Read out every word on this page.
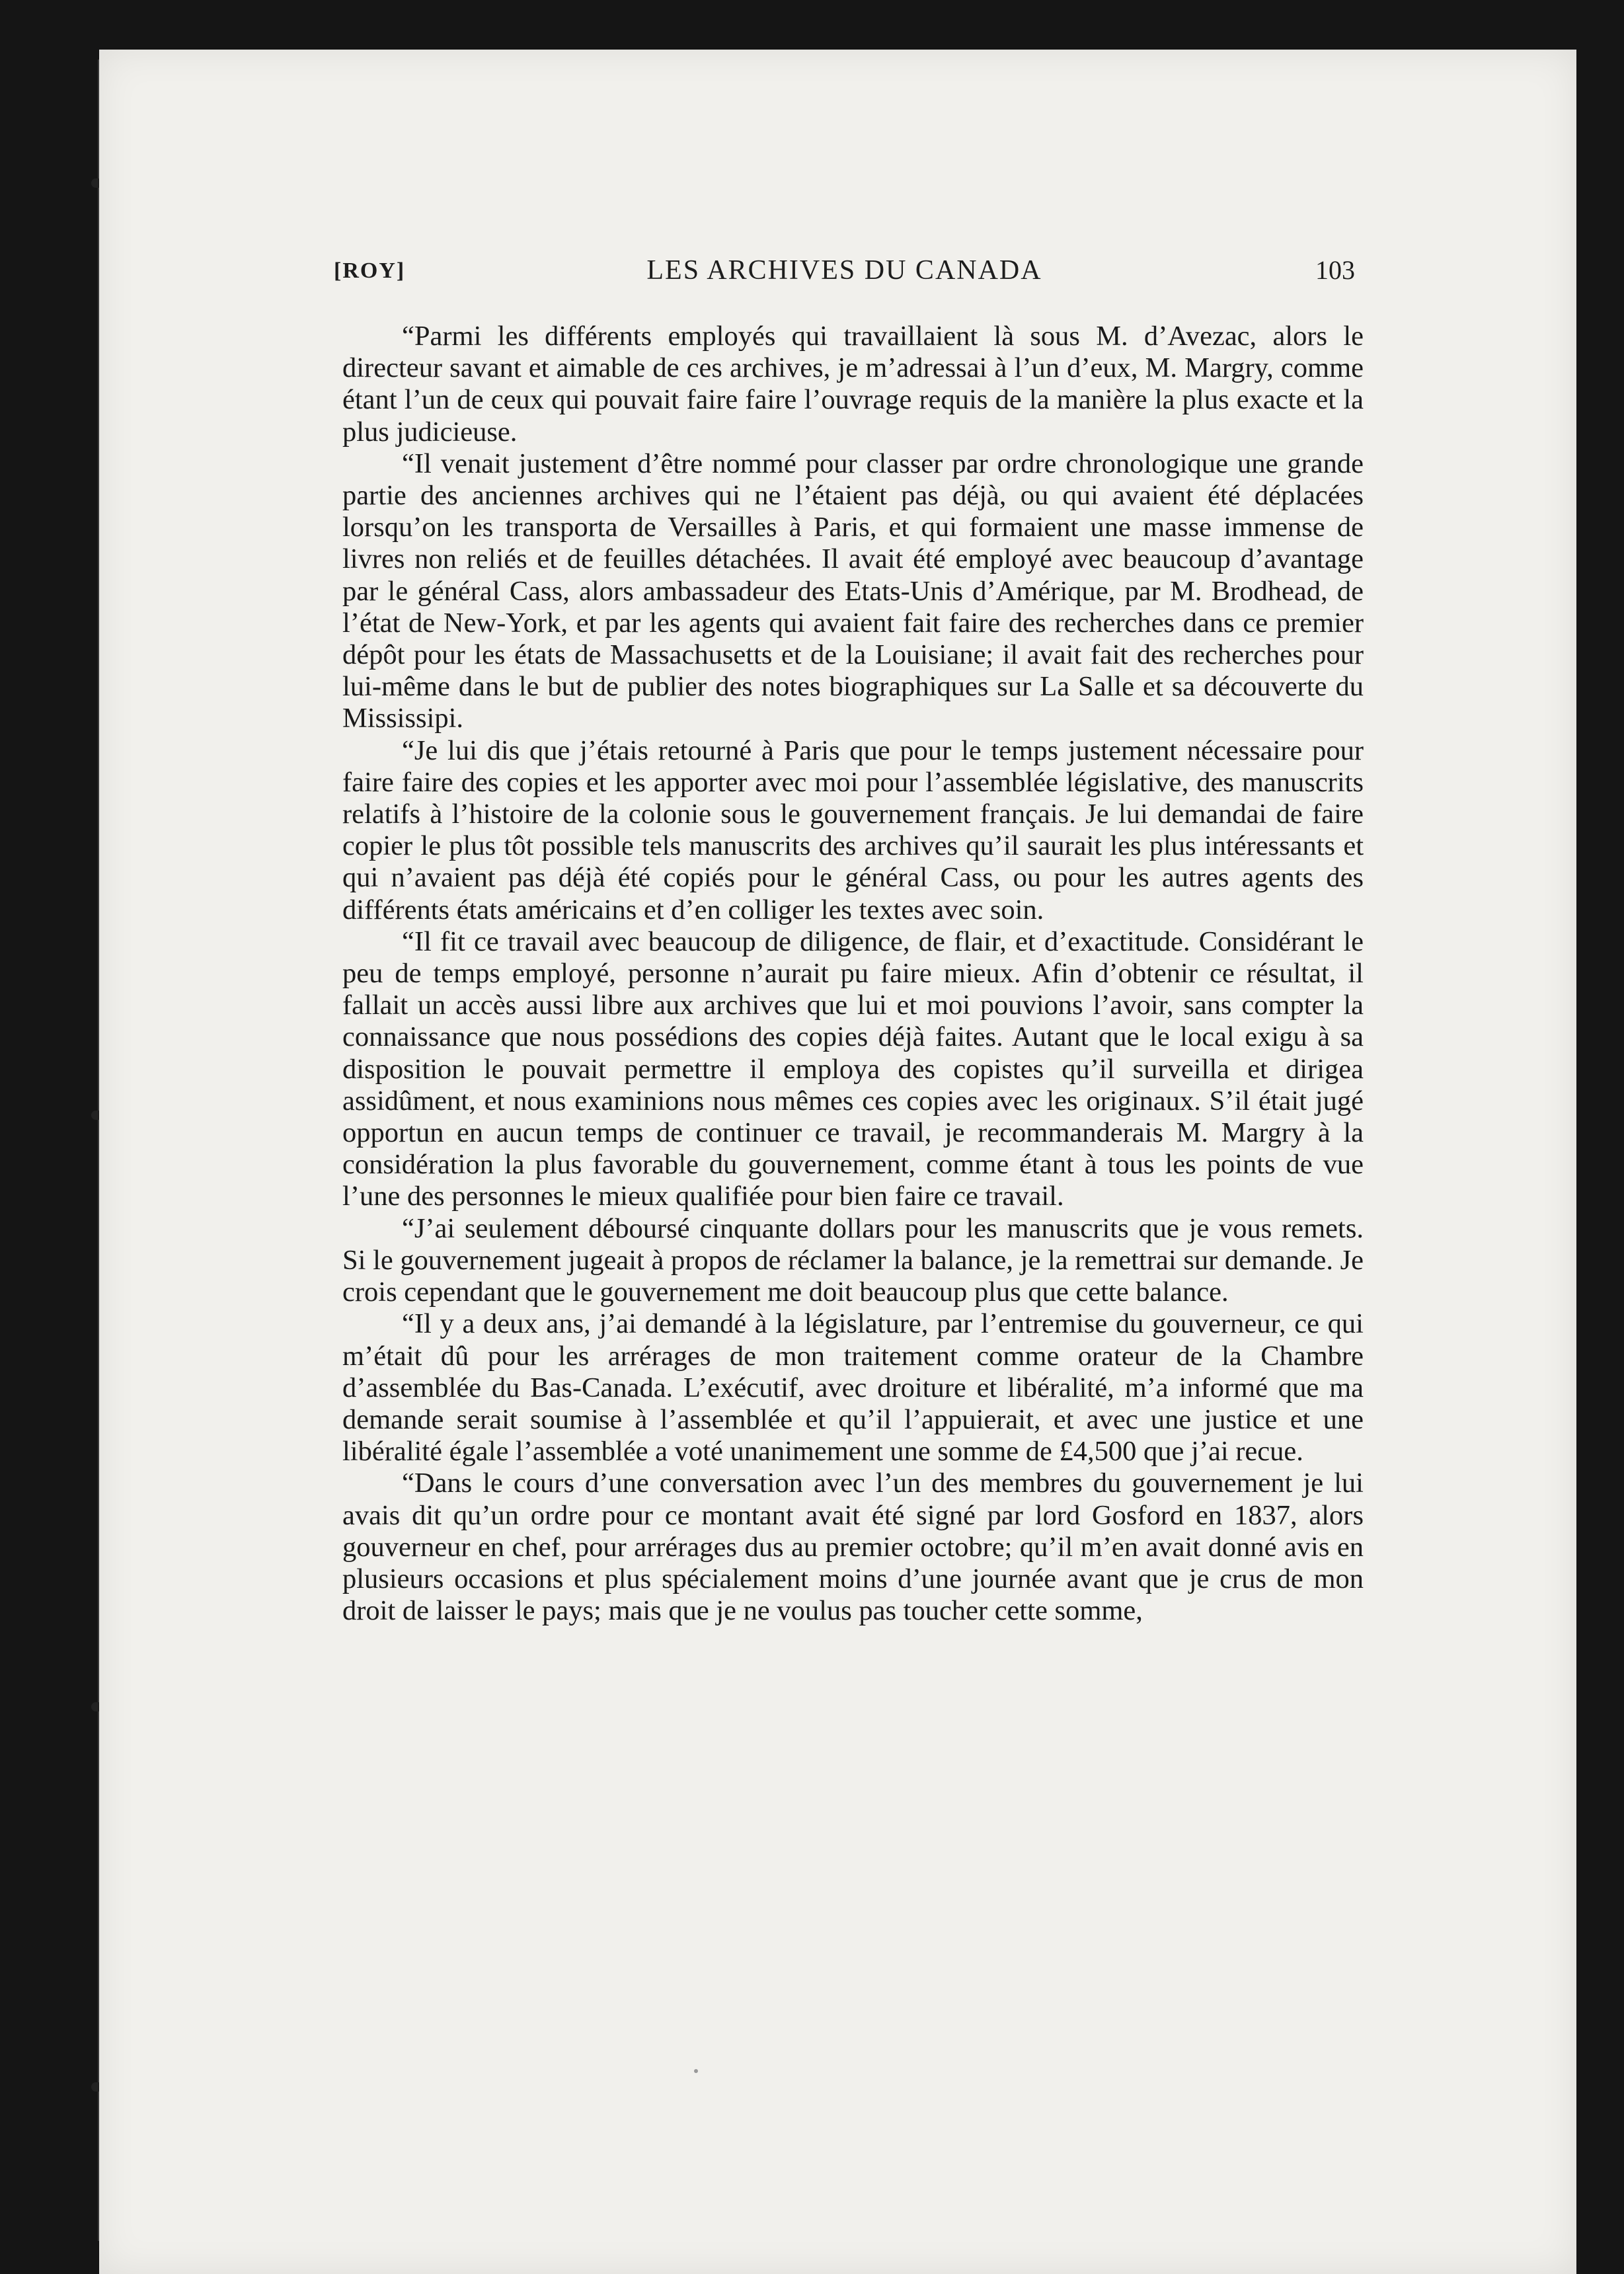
[ROY]	LES ARCHIVES DU CANADA	103

“Parmi les différents employés qui travaillaient là sous M. d’Avezac, alors le directeur savant et aimable de ces archives, je m’adressai à l’un d’eux, M. Margry, comme étant l’un de ceux qui pouvait faire faire l’ouvrage requis de la manière la plus exacte et la plus judicieuse.

“Il venait justement d’être nommé pour classer par ordre chronologique une grande partie des anciennes archives qui ne l’étaient pas déjà, ou qui avaient été déplacées lorsqu’on les transporta de Versailles à Paris, et qui formaient une masse immense de livres non reliés et de feuilles détachées. Il avait été employé avec beaucoup d’avantage par le général Cass, alors ambassadeur des Etats-Unis d’Amérique, par M. Brodhead, de l’état de New-York, et par les agents qui avaient fait faire des recherches dans ce premier dépôt pour les états de Massachusetts et de la Louisiane; il avait fait des recherches pour lui-même dans le but de publier des notes biographiques sur La Salle et sa découverte du Mississipi.

“Je lui dis que j’étais retourné à Paris que pour le temps justement nécessaire pour faire faire des copies et les apporter avec moi pour l’assemblée législative, des manuscrits relatifs à l’histoire de la colonie sous le gouvernement français. Je lui demandai de faire copier le plus tôt possible tels manuscrits des archives qu’il saurait les plus intéressants et qui n’avaient pas déjà été copiés pour le général Cass, ou pour les autres agents des différents états américains et d’en colliger les textes avec soin.

“Il fit ce travail avec beaucoup de diligence, de flair, et d’exactitude. Considérant le peu de temps employé, personne n’aurait pu faire mieux. Afin d’obtenir ce résultat, il fallait un accès aussi libre aux archives que lui et moi pouvions l’avoir, sans compter la connaissance que nous possédions des copies déjà faites. Autant que le local exigu à sa disposition le pouvait permettre il employa des copistes qu’il surveilla et dirigea assidûment, et nous examinions nous mêmes ces copies avec les originaux. S’il était jugé opportun en aucun temps de continuer ce travail, je recommanderais M. Margry à la considération la plus favorable du gouvernement, comme étant à tous les points de vue l’une des personnes le mieux qualifiée pour bien faire ce travail.

“J’ai seulement déboursé cinquante dollars pour les manuscrits que je vous remets. Si le gouvernement jugeait à propos de réclamer la balance, je la remettrai sur demande. Je crois cependant que le gouvernement me doit beaucoup plus que cette balance.

“Il y a deux ans, j’ai demandé à la législature, par l’entremise du gouverneur, ce qui m’était dû pour les arrérages de mon traitement comme orateur de la Chambre d’assemblée du Bas-Canada. L’exécutif, avec droiture et libéralité, m’a informé que ma demande serait soumise à l’assemblée et qu’il l’appuierait, et avec une justice et une libéralité égale l’assemblée a voté unanimement une somme de £4,500 que j’ai recue.

“Dans le cours d’une conversation avec l’un des membres du gouvernement je lui avais dit qu’un ordre pour ce montant avait été signé par lord Gosford en 1837, alors gouverneur en chef, pour arrérages dus au premier octobre; qu’il m’en avait donné avis en plusieurs occasions et plus spécialement moins d’une journée avant que je crus de mon droit de laisser le pays; mais que je ne voulus pas toucher cette somme,
